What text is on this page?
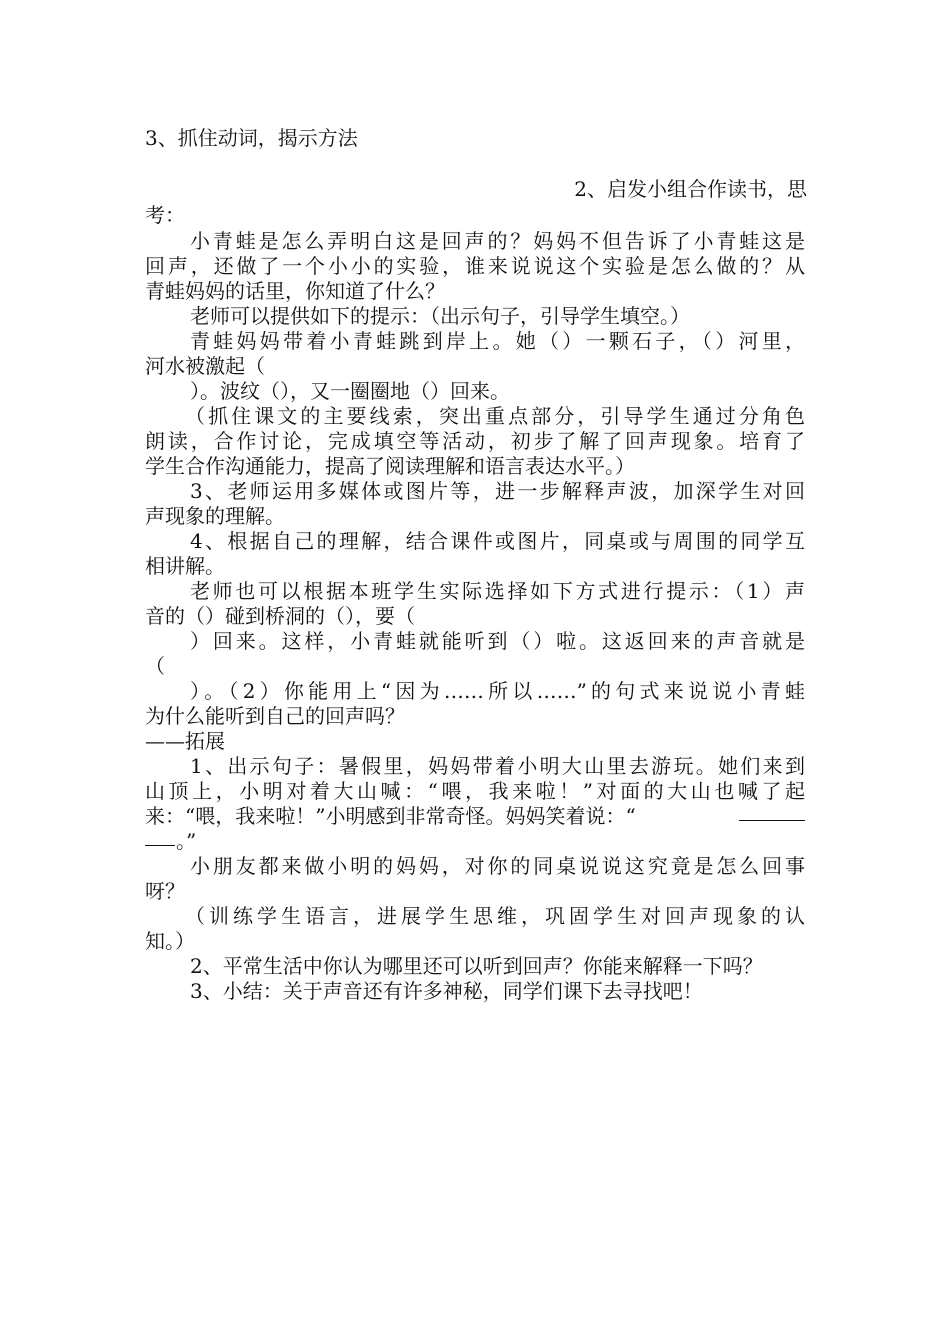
3、抓住动词，揭示方法
2、启发小组合作读书，思
考：
小青蛙是怎么弄明白这是回声的？妈妈不但告诉了小青蛙这是
回声，还做了一个小小的实验，谁来说说这个实验是怎么做的？从
青蛙妈妈的话里，你知道了什么？
老师可以提供如下的提示：（出示句子，引导学生填空。）
青蛙妈妈带着小青蛙跳到岸上。她（）一颗石子，（）河里，
河水被激起（
）。波纹（），又一圈圈地（）回来。
（抓住课文的主要线索，突出重点部分，引导学生通过分角色
朗读，合作讨论，完成填空等活动，初步了解了回声现象。培育了
学生合作沟通能力，提高了阅读理解和语言表达水平。）
3、老师运用多媒体或图片等，进一步解释声波，加深学生对回
声现象的理解。
4、根据自己的理解，结合课件或图片，同桌或与周围的同学互
相讲解。
老师也可以根据本班学生实际选择如下方式进行提示：（1）声
音的（）碰到桥洞的（），要（
）回来。这样，小青蛙就能听到（）啦。这返回来的声音就是
（
）。（2）你能用上“因为……所以……”的句式来说说小青蛙
为什么能听到自己的回声吗？
——拓展
1、出示句子：暑假里，妈妈带着小明大山里去游玩。她们来到
山顶上，小明对着大山喊：“喂，我来啦！”对面的大山也喊了起
来：“喂，我来啦！”小明感到非常奇怪。妈妈笑着说：“
。”
小朋友都来做小明的妈妈，对你的同桌说说这究竟是怎么回事
呀？
（训练学生语言，进展学生思维，巩固学生对回声现象的认
知。）
2、平常生活中你认为哪里还可以听到回声？你能来解释一下吗？
3、小结：关于声音还有许多神秘，同学们课下去寻找吧！
